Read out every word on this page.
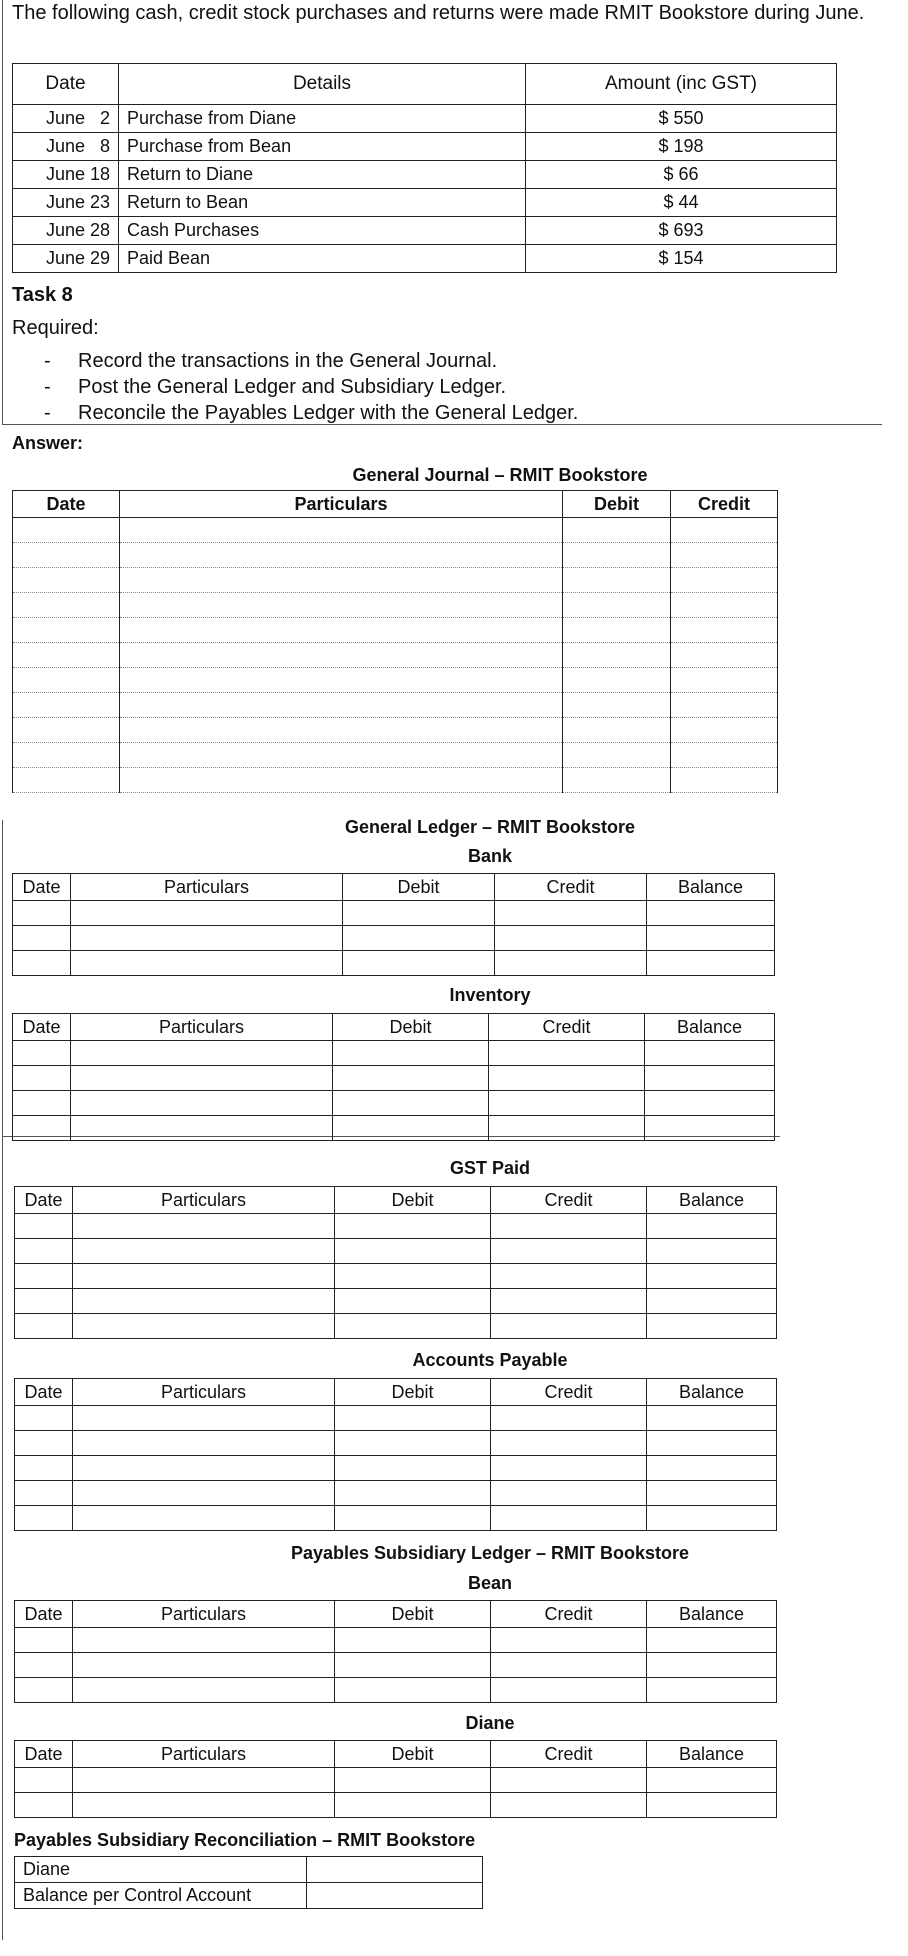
The following cash, credit stock purchases and returns were made RMIT Bookstore during June.
Date	Details	Amount (inc GST)
June   2	Purchase from Diane	$ 550
June   8	Purchase from Bean	$ 198
June 18	Return to Diane	$ 66
June 23	Return to Bean	$ 44
June 28	Cash Purchases	$ 693
June 29	Paid Bean	$ 154
Task 8
Required:
- Record the transactions in the General Journal.
- Post the General Ledger and Subsidiary Ledger.
- Reconcile the Payables Ledger with the General Ledger.
Answer:
General Journal – RMIT Bookstore
Date	Particulars	Debit	Credit

General Ledger – RMIT Bookstore
Bank
Date	Particulars	Debit	Credit	Balance

Inventory
Date	Particulars	Debit	Credit	Balance

GST Paid
Date	Particulars	Debit	Credit	Balance

Accounts Payable
Date	Particulars	Debit	Credit	Balance

Payables Subsidiary Ledger – RMIT Bookstore
Bean
Date	Particulars	Debit	Credit	Balance

Diane
Date	Particulars	Debit	Credit	Balance

Payables Subsidiary Reconciliation – RMIT Bookstore
Diane	
Balance per Control Account	
